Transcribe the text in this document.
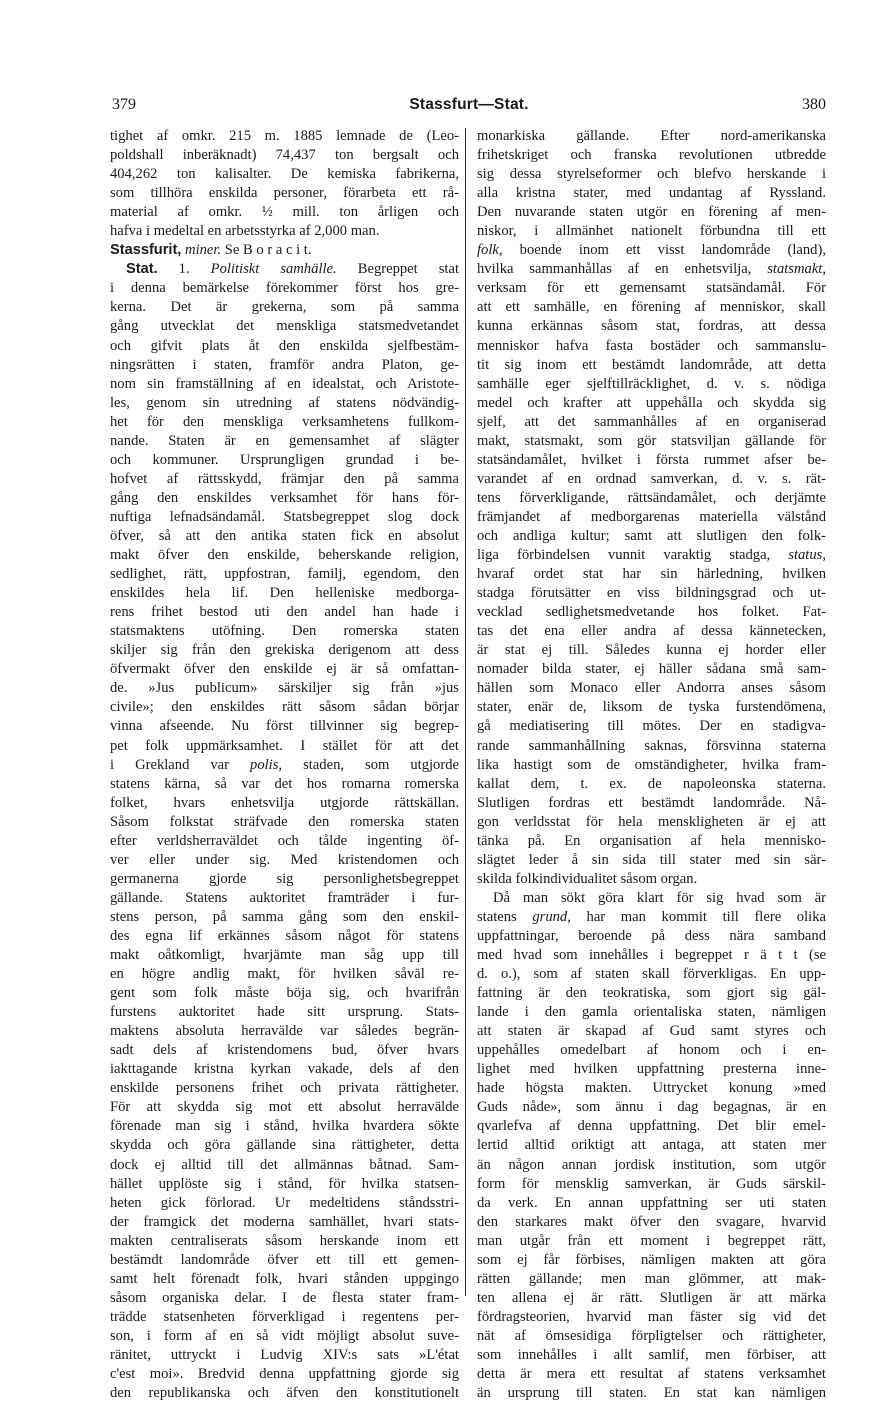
379	Stassfurt—Stat.	380
tighet af omkr. 215 m. 1885 lemnade de (Leo-
poldshall inberäknadt) 74,437 ton bergsalt och
404,262 ton kalisalter. De kemiska fabrikerna,
som tillhöra enskilda personer, förarbeta ett rå-
material af omkr. ½ mill. ton årligen och
hafva i medeltal en arbetsstyrka af 2,000 man.
Stassfurit, miner. Se B o r a c i t.
Stat. 1. Politiskt samhälle. Begreppet stat
i denna bemärkelse förekommer först hos gre-
kerna. Det är grekerna, som på samma
gång utvecklat det menskliga statsmedvetandet
och gifvit plats åt den enskilda sjelfbestäm-
ningsrätten i staten, framför andra Platon, ge-
nom sin framställning af en idealstat, och Aristote-
les, genom sin utredning af statens nödvändig-
het för den menskliga verksamhetens fullkom-
nande. Staten är en gemensamhet af slägter
och kommuner. Ursprungligen grundad i be-
hofvet af rättsskydd, främjar den på samma
gång den enskildes verksamhet för hans för-
nuftiga lefnadsändamål. Statsbegreppet slog dock
öfver, så att den antika staten fick en absolut
makt öfver den enskilde, beherskande religion,
sedlighet, rätt, uppfostran, familj, egendom, den
enskildes hela lif. Den helleniske medborga-
rens frihet bestod uti den andel han hade i
statsmaktens utöfning. Den romerska staten
skiljer sig från den grekiska derigenom att dess
öfvermakt öfver den enskilde ej är så omfattan-
de. »Jus publicum» särskiljer sig från »jus
civile»; den enskildes rätt såsom sådan börjar
vinna afseende. Nu först tillvinner sig begrep-
pet folk uppmärksamhet. I stället för att det
i Grekland var polis, staden, som utgjorde
statens kärna, så var det hos romarna romerska
folket, hvars enhetsvilja utgjorde rättskällan.
Såsom folkstat sträfvade den romerska staten
efter verldsherraväldet och tålde ingenting öf-
ver eller under sig. Med kristendomen och
germanerna gjorde sig personlighetsbegreppet
gällande. Statens auktoritet framträder i fur-
stens person, på samma gång som den enskil-
des egna lif erkännes såsom något för statens
makt oåtkomligt, hvarjämte man såg upp till
en högre andlig makt, för hvilken såväl re-
gent som folk måste böja sig, och hvarifrån
furstens auktoritet hade sitt ursprung. Stats-
maktens absoluta herravälde var således begrän-
sadt dels af kristendomens bud, öfver hvars
iakttagande kristna kyrkan vakade, dels af den
enskilde personens frihet och privata rättigheter.
För att skydda sig mot ett absolut herravälde
förenade man sig i stånd, hvilka hvardera sökte
skydda och göra gällande sina rättigheter, detta
dock ej alltid till det allmännas båtnad. Sam-
hället upplöste sig i stånd, för hvilka statsen-
heten gick förlorad. Ur medeltidens ståndsstri-
der framgick det moderna samhället, hvari stats-
makten centraliserats såsom herskande inom ett
bestämdt landområde öfver ett till ett gemen-
samt helt förenadt folk, hvari stånden uppgingo
såsom organiska delar. I de flesta stater fram-
trädde statsenheten förverkligad i regentens per-
son, i form af en så vidt möjligt absolut suve-
ränitet, uttryckt i Ludvig XIV:s sats »L'état
c'est moi». Bredvid denna uppfattning gjorde sig
den republikanska och äfven den konstitutionelt
monarkiska gällande. Efter nord-amerikanska
frihetskriget och franska revolutionen utbredde
sig dessa styrelseformer och blefvo herskande i
alla kristna stater, med undantag af Ryssland.
Den nuvarande staten utgör en förening af men-
niskor, i allmänhet nationelt förbundna till ett
folk, boende inom ett visst landområde (land),
hvilka sammanhållas af en enhetsvilja, statsmakt,
verksam för ett gemensamt statsändamål. För
att ett samhälle, en förening af menniskor, skall
kunna erkännas såsom stat, fordras, att dessa
menniskor hafva fasta bostäder och sammanslu-
tit sig inom ett bestämdt landområde, att detta
samhälle eger sjelftillräcklighet, d. v. s. nödiga
medel och krafter att uppehålla och skydda sig
sjelf, att det sammanhålles af en organiserad
makt, statsmakt, som gör statsviljan gällande för
statsändamålet, hvilket i första rummet afser be-
varandet af en ordnad samverkan, d. v. s. rät-
tens förverkligande, rättsändamålet, och derjämte
främjandet af medborgarenas materiella välstånd
och andliga kultur; samt att slutligen den folk-
liga förbindelsen vunnit varaktig stadga, status,
hvaraf ordet stat har sin härledning, hvilken
stadga förutsätter en viss bildningsgrad och ut-
vecklad sedlighetsmedvetande hos folket. Fat-
tas det ena eller andra af dessa kännetecken,
är stat ej till. Således kunna ej horder eller
nomader bilda stater, ej häller sådana små sam-
hällen som Monaco eller Andorra anses såsom
stater, enär de, liksom de tyska furstendömena,
gå mediatisering till mötes. Der en stadigva-
rande sammanhållning saknas, försvinna staterna
lika hastigt som de omständigheter, hvilka fram-
kallat dem, t. ex. de napoleonska staterna.
Slutligen fordras ett bestämdt landområde. Nå-
gon verldsstat för hela menskligheten är ej att
tänka på. En organisation af hela mennisko-
slägtet leder å sin sida till stater med sin sär-
skilda folkindividualitet såsom organ.
Då man sökt göra klart för sig hvad som är
statens grund, har man kommit till flere olika
uppfattningar, beroende på dess nära samband
med hvad som innehålles i begreppet r ä t t (se
d. o.), som af staten skall förverkligas. En upp-
fattning är den teokratiska, som gjort sig gäl-
lande i den gamla orientaliska staten, nämligen
att staten är skapad af Gud samt styres och
uppehålles omedelbart af honom och i en-
lighet med hvilken uppfattning presterna inne-
hade högsta makten. Uttrycket konung »med
Guds nåde», som ännu i dag begagnas, är en
qvarlefva af denna uppfattning. Det blir emel-
lertid alltid oriktigt att antaga, att staten mer
än någon annan jordisk institution, som utgör
form för mensklig samverkan, är Guds särskil-
da verk. En annan uppfattning ser uti staten
den starkares makt öfver den svagare, hvarvid
man utgår från ett moment i begreppet rätt,
som ej får förbises, nämligen makten att göra
rätten gällande; men man glömmer, att mak-
ten allena ej är rätt. Slutligen är att märka
fördragsteorien, hvarvid man fäster sig vid det
nät af ömsesidiga förpligtelser och rättigheter,
som innehålles i allt samlif, men förbiser, att
detta är mera ett resultat af statens verksamhet
än ursprung till staten. En stat kan nämligen
